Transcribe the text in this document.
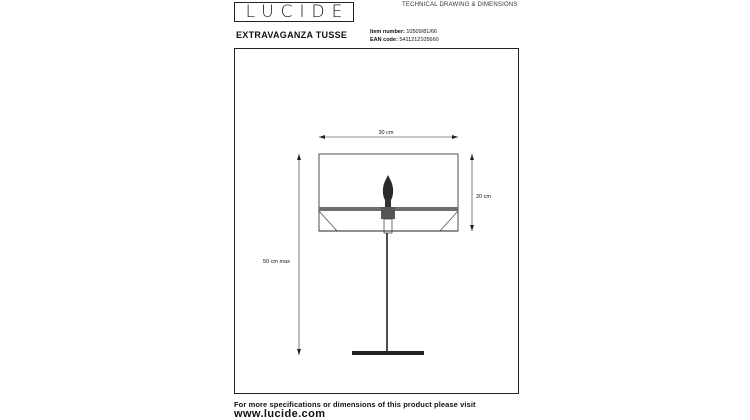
LUCIDE	TECHNICAL DRAWING & DIMENSIONS
EXTRAVAGANZA TUSSE	Item number: 10509/81/66
EAN code: 5411212105660
30 cm
20 cm
50 cm max
For more specifications or dimensions of this product please visit
www.lucide.com
